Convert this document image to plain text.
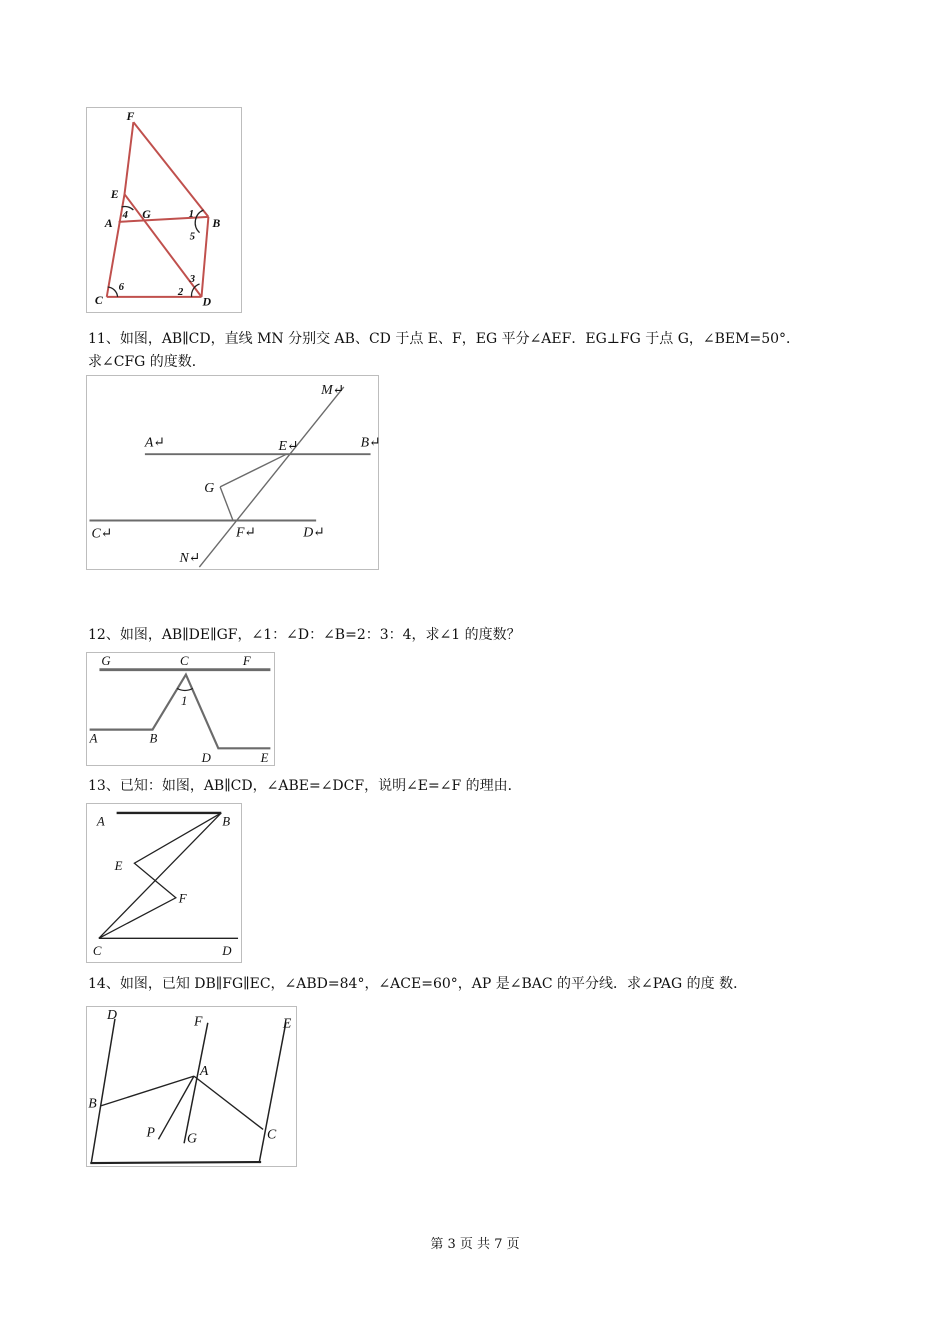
F
E
A
G
B
C	D
1
2
3
4
5
6
11、如图，AB∥CD，直线 MN 分别交 AB、CD 于点 E、F，EG 平分∠AEF．EG⊥FG 于点 G，∠BEM=50°．
求∠CFG 的度数．
M↵
A↵	E↵	B↵
G
C↵	F↵	D↵
N↵
12、如图，AB∥DE∥GF，∠1：∠D：∠B=2：3：4，求∠1 的度数？
G	C	F
1
A	B
D	E
13、已知：如图，AB∥CD，∠ABE=∠DCF，说明∠E=∠F 的理由．
A	B
E
F
C	D
14、如图，已知 DB∥FG∥EC，∠ABD=84°，∠ACE=60°，AP 是∠BAC 的平分线．求∠PAG 的度 数．
D	F	E
A
B
P G	C
第 3 页 共 7 页
